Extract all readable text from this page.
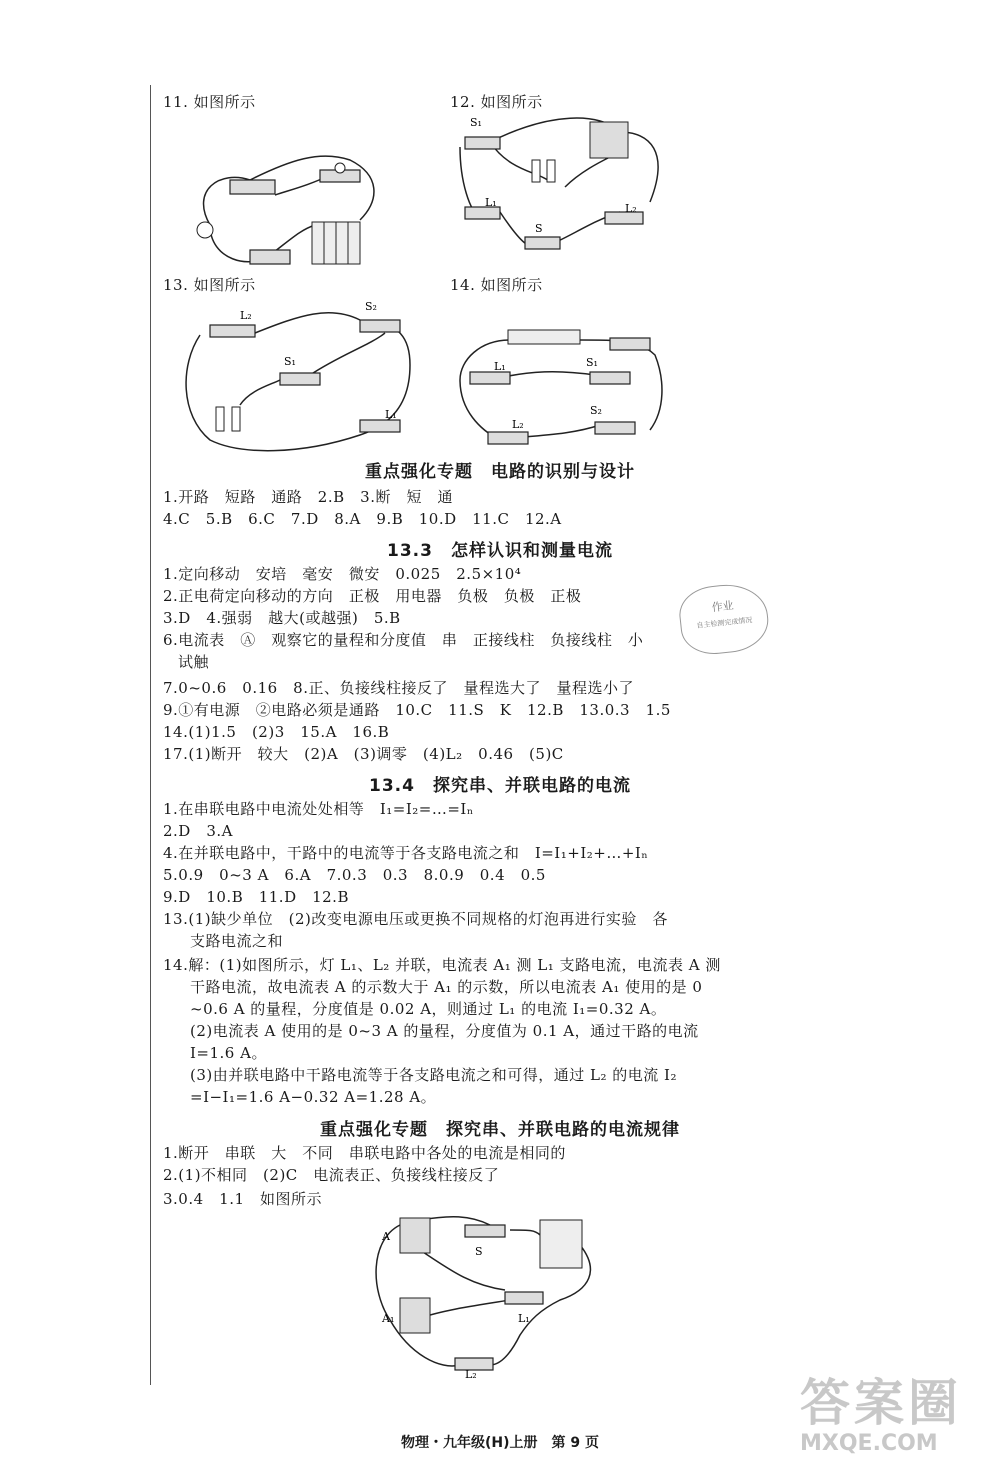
11. 如图所示	12. 如图所示
13. 如图所示	14. 如图所示
S₁
L₁
S
L₂
L₂
S₂
S₁
L₁
L₁	S₁
L₂
S₂
重点强化专题　电路的识别与设计
1.开路　短路　通路　2.B　3.断　短　通
4.C　5.B　6.C　7.D　8.A　9.B　10.D　11.C　12.A
13.3　怎样认识和测量电流
1.定向移动　安培　毫安　微安　0.025　2.5×10⁴
2.正电荷定向移动的方向　正极　用电器　负极　负极　正极
3.D　4.强弱　越大(或越强)　5.B
6.电流表　Ⓐ　观察它的量程和分度值　串　正接线柱　负接线柱　小
试触
7.0~0.6　0.16　8.正、负接线柱接反了　量程选大了　量程选小了
9.①有电源　②电路必须是通路　10.C　11.S　K　12.B　13.0.3　1.5
14.(1)1.5　(2)3　15.A　16.B
17.(1)断开　较大　(2)A　(3)调零　(4)L₂　0.46　(5)C
作业
自主检测完成情况
13.4　探究串、并联电路的电流
1.在串联电路中电流处处相等　I₁=I₂=…=Iₙ
2.D　3.A
4.在并联电路中，干路中的电流等于各支路电流之和　I=I₁+I₂+…+Iₙ
5.0.9　0~3 A　6.A　7.0.3　0.3　8.0.9　0.4　0.5
9.D　10.B　11.D　12.B
13.(1)缺少单位　(2)改变电源电压或更换不同规格的灯泡再进行实验　各
支路电流之和
14.解：(1)如图所示，灯 L₁、L₂ 并联，电流表 A₁ 测 L₁ 支路电流，电流表 A 测
干路电流，故电流表 A 的示数大于 A₁ 的示数，所以电流表 A₁ 使用的是 0
~0.6 A 的量程，分度值是 0.02 A，则通过 L₁ 的电流 I₁=0.32 A。
(2)电流表 A 使用的是 0~3 A 的量程，分度值为 0.1 A，通过干路的电流
I=1.6 A。
(3)由并联电路中干路电流等于各支路电流之和可得，通过 L₂ 的电流 I₂
=I−I₁=1.6 A−0.32 A=1.28 A。
重点强化专题　探究串、并联电路的电流规律
1.断开　串联　大　不同　串联电路中各处的电流是相同的
2.(1)不相同　(2)C　电流表正、负接线柱接反了
3.0.4　1.1　如图所示
A
S
A₁	L₁
L₂
物理・九年级(H)上册　第 9 页
答案圈
MXQE.COM
